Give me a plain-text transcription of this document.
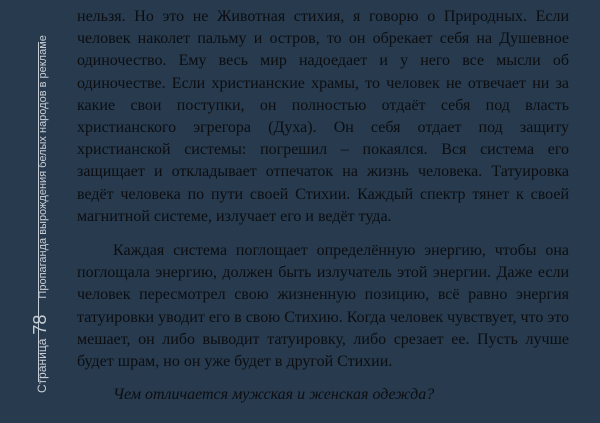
Страница
78
Пропаганда вырождения белых народов в рекламе

нельзя. Но это не Животная стихия, я говорю о Природных. Если человек наколет пальму и остров, то он обрекает себя на Душевное одиночество. Ему весь мир надоедает и у него все мысли об одиночестве. Если христианские храмы, то человек не отвечает ни за какие свои поступки, он полностью отдаёт себя под власть христианского эгрегора (Духа). Он себя отдает под защиту христианской системы: погрешил – покаялся. Вся система его защищает и откладывает отпечаток на жизнь человека. Татуировка ведёт человека по пути своей Стихии. Каждый спектр тянет к своей магнитной системе, излучает его и ведёт туда.

Каждая система поглощает определённую энергию, чтобы она поглощала энергию, должен быть излучатель этой энергии. Даже если человек пересмотрел свою жизненную позицию, всё равно энергия татуировки уводит его в свою Стихию. Когда человек чувствует, что это мешает, он либо выводит татуировку, либо срезает ее. Пусть лучше будет шрам, но он уже будет в другой Стихии.

Чем отличается мужская и женская одежда?
